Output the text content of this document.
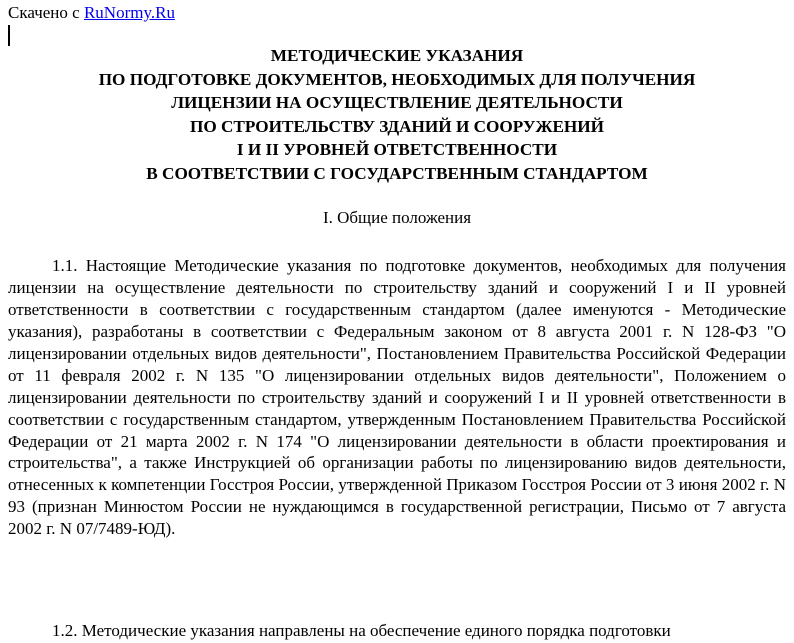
Скачено с RuNormy.Ru
МЕТОДИЧЕСКИЕ УКАЗАНИЯ
ПО ПОДГОТОВКЕ ДОКУМЕНТОВ, НЕОБХОДИМЫХ ДЛЯ ПОЛУЧЕНИЯ
ЛИЦЕНЗИИ НА ОСУЩЕСТВЛЕНИЕ ДЕЯТЕЛЬНОСТИ
ПО СТРОИТЕЛЬСТВУ ЗДАНИЙ И СООРУЖЕНИЙ
I И II УРОВНЕЙ ОТВЕТСТВЕННОСТИ
В СООТВЕТСТВИИ С ГОСУДАРСТВЕННЫМ СТАНДАРТОМ
I. Общие положения

1.1. Настоящие Методические указания по подготовке документов, необходимых для получения лицензии на осуществление деятельности по строительству зданий и сооружений I и II уровней ответственности в соответствии с государственным стандартом (далее именуются - Методические указания), разработаны в соответствии с Федеральным законом от 8 августа 2001 г. N 128-ФЗ "О лицензировании отдельных видов деятельности", Постановлением Правительства Российской Федерации от 11 февраля 2002 г. N 135 "О лицензировании отдельных видов деятельности", Положением о лицензировании деятельности по строительству зданий и сооружений I и II уровней ответственности в соответствии с государственным стандартом, утвержденным Постановлением Правительства Российской Федерации от 21 марта 2002 г. N 174 "О лицензировании деятельности в области проектирования и строительства", а также Инструкцией об организации работы по лицензированию видов деятельности, отнесенных к компетенции Госстроя России, утвержденной Приказом Госстроя России от 3 июня 2002 г. N 93 (признан Минюстом России не нуждающимся в государственной регистрации, Письмо от 7 августа 2002 г. N 07/7489-ЮД).

1.2. Методические указания направлены на обеспечение единого порядка подготовки
